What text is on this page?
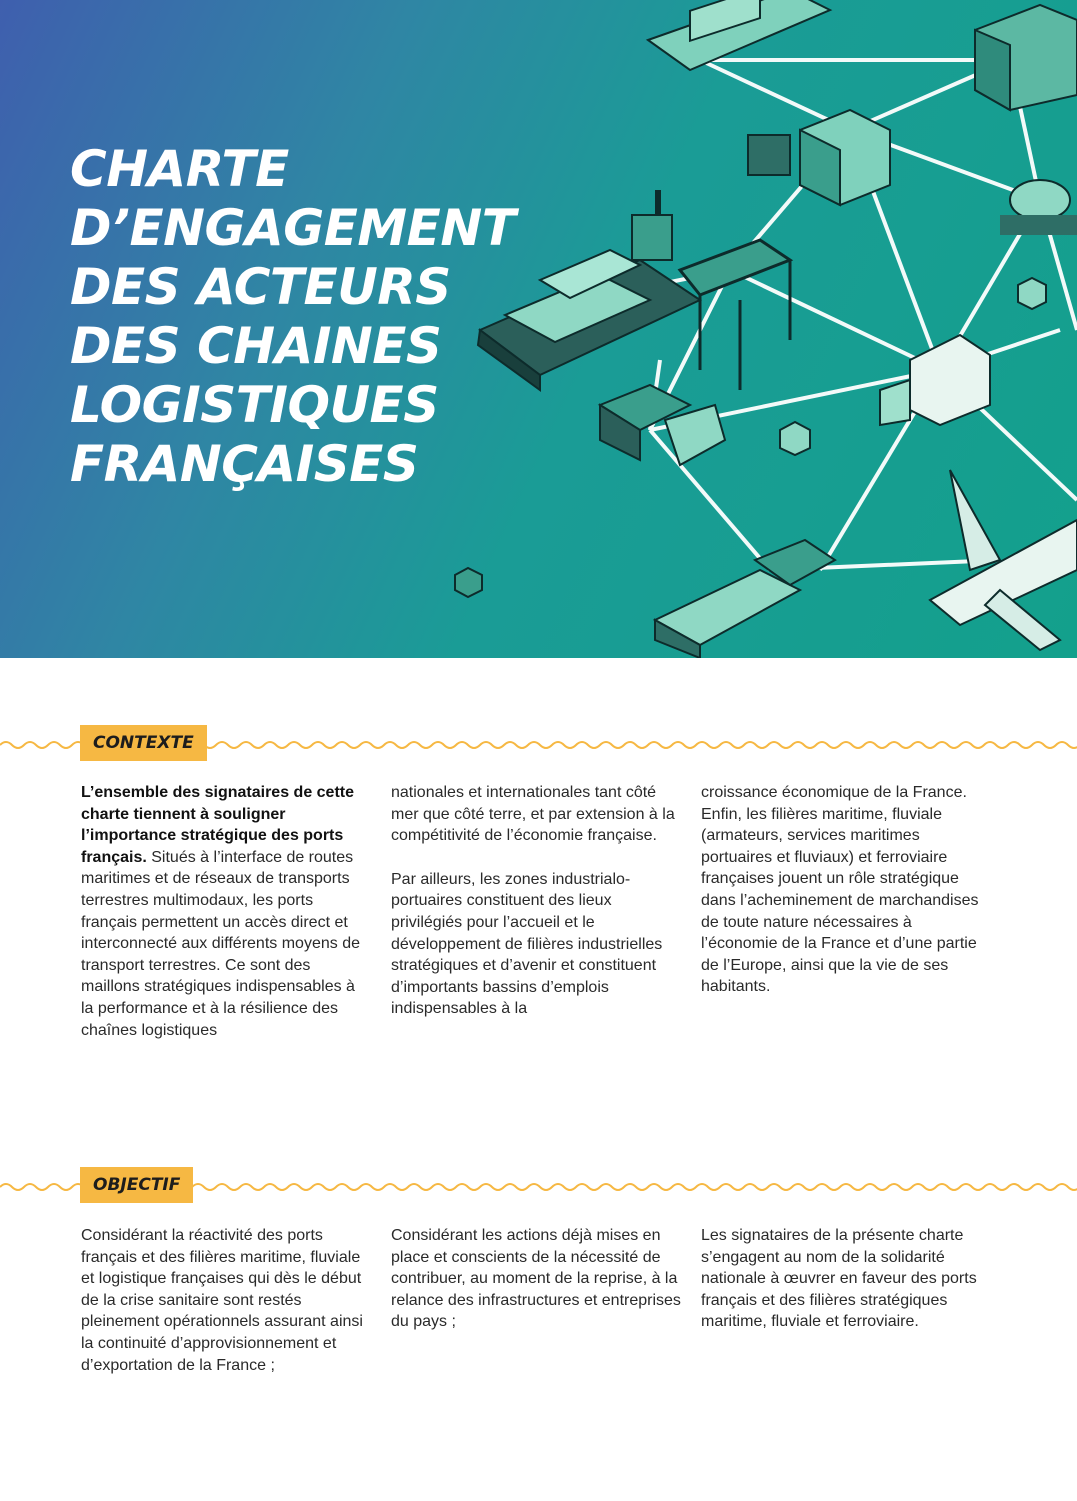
CHARTE
D’ENGAGEMENT
DES ACTEURS
DES CHAINES
LOGISTIQUES
FRANÇAISES
CONTEXTE

L’ensemble des signataires de cette charte tiennent à souligner l’importance stratégique des ports français. Situés à l’interface de routes maritimes et de réseaux de transports terrestres multimodaux, les ports français permettent un accès direct et interconnecté aux différents moyens de transport terrestres. Ce sont des maillons stratégiques indispensables à la performance et à la résilience des chaînes logistiques

nationales et internationales tant côté mer que côté terre, et par extension à la compétitivité de l’économie française.

Par ailleurs, les zones industrialo-portuaires constituent des lieux privilégiés pour l’accueil et le développement de filières industrielles stratégiques et d’avenir et constituent d’importants bassins d’emplois indispensables à la

croissance économique de la France. Enfin, les filières maritime, fluviale (armateurs, services maritimes portuaires et fluviaux) et ferroviaire françaises jouent un rôle stratégique dans l’acheminement de marchandises de toute nature nécessaires à l’économie de la France et d’une partie de l’Europe, ainsi que la vie de ses habitants.

OBJECTIF

Considérant la réactivité des ports français et des filières maritime, fluviale et logistique françaises qui dès le début de la crise sanitaire sont restés pleinement opérationnels assurant ainsi la continuité d’approvisionnement et d’exportation de la France ;

Considérant les actions déjà mises en place et conscients de la nécessité de contribuer, au moment de la reprise, à la relance des infrastructures et entreprises du pays ;

Les signataires de la présente charte s’engagent au nom de la solidarité nationale à œuvrer en faveur des ports français et des filières stratégiques maritime, fluviale et ferroviaire.
